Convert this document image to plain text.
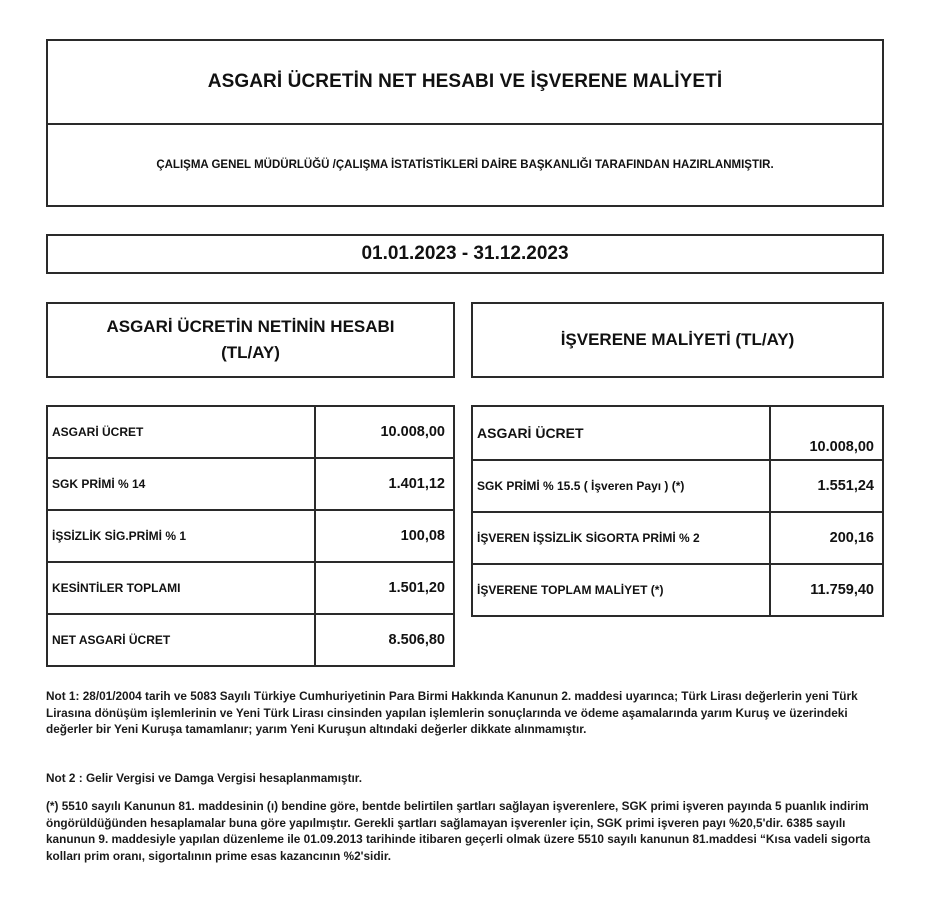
ASGARİ ÜCRETİN NET HESABI VE İŞVERENE MALİYETİ
ÇALIŞMA GENEL MÜDÜRLÜĞÜ /ÇALIŞMA İSTATİSTİKLERİ DAİRE BAŞKANLIĞI TARAFINDAN HAZIRLANMIŞTIR.
01.01.2023 - 31.12.2023
ASGARİ ÜCRETİN NETİNİN HESABI
(TL/AY)
İŞVERENE MALİYETİ (TL/AY)
ASGARİ ÜCRET	10.008,00
SGK PRİMİ % 14	1.401,12
İŞSİZLİK SİG.PRİMİ % 1	100,08
KESİNTİLER TOPLAMI	1.501,20
NET ASGARİ ÜCRET	8.506,80
ASGARİ ÜCRET	10.008,00
SGK PRİMİ % 15.5 ( İşveren Payı ) (*)	1.551,24
İŞVEREN İŞSİZLİK SİGORTA PRİMİ % 2	200,16
İŞVERENE TOPLAM MALİYET (*)	11.759,40

Not 1: 28/01/2004 tarih ve 5083 Sayılı Türkiye Cumhuriyetinin Para Birmi Hakkında Kanunun 2. maddesi uyarınca; Türk Lirası değerlerin yeni Türk Lirasına dönüşüm işlemlerinin ve Yeni Türk Lirası cinsinden yapılan işlemlerin sonuçlarında ve ödeme aşamalarında yarım Kuruş ve üzerindeki değerler bir Yeni Kuruşa tamamlanır; yarım Yeni Kuruşun altındaki değerler dikkate alınmamıştır.

Not 2 : Gelir Vergisi ve Damga Vergisi hesaplanmamıştır.

(*) 5510 sayılı Kanunun 81. maddesinin (ı) bendine göre, bentde belirtilen şartları sağlayan işverenlere, SGK primi işveren payında 5 puanlık indirim öngörüldüğünden hesaplamalar buna göre yapılmıştır. Gerekli şartları sağlamayan işverenler için, SGK primi işveren payı %20,5'dir. 6385 sayılı kanunun 9. maddesiyle yapılan düzenleme ile 01.09.2013 tarihinde itibaren geçerli olmak üzere 5510 sayılı kanunun 81.maddesi “Kısa vadeli sigorta kolları prim oranı, sigortalının prime esas kazancının %2'sidir.
